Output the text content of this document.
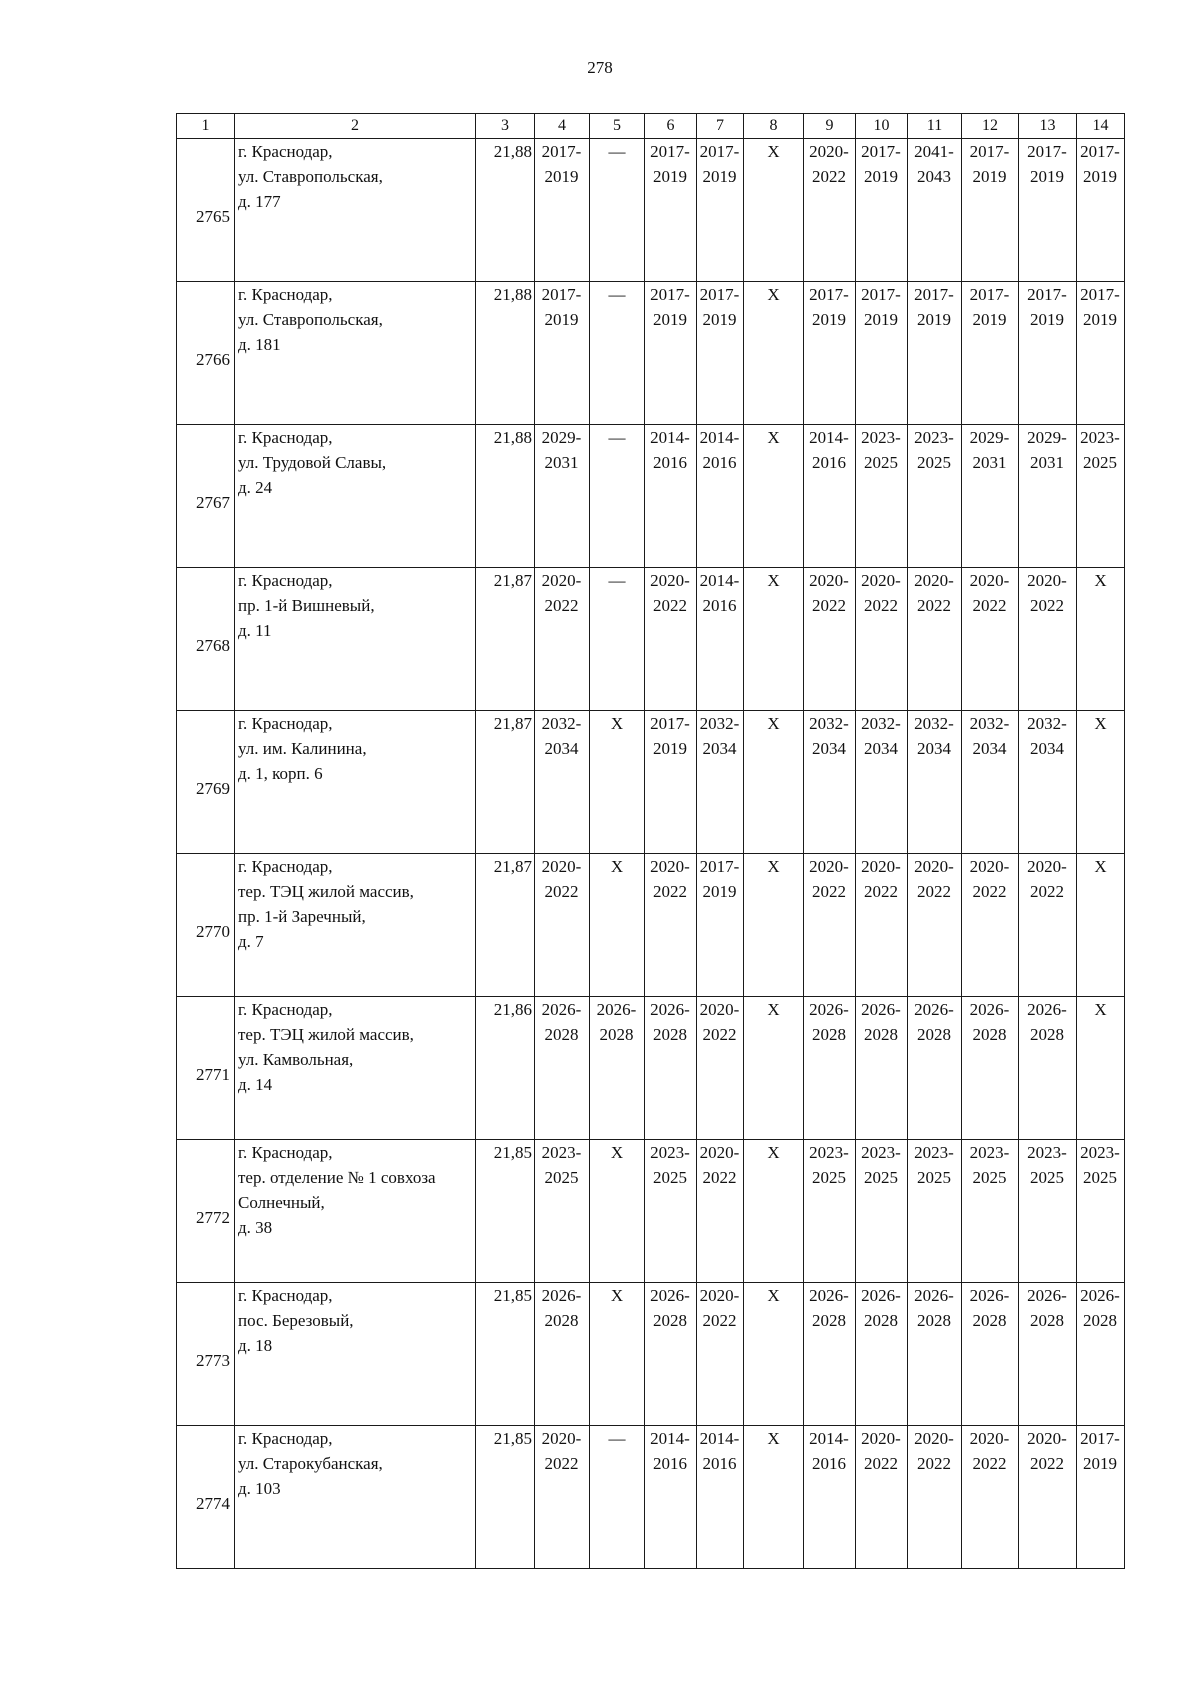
278
1	2	3	4	5	6	7	8	9	10	11	12	13	14
2765	г. Краснодар,
ул. Ставропольская,
д. 177	21,88	2017-
2019	—	2017-
2019	2017-
2019	X	2020-
2022	2017-
2019	2041-
2043	2017-
2019	2017-
2019	2017-
2019

2766	г. Краснодар,
ул. Ставропольская,
д. 181	21,88	2017-
2019	—	2017-
2019	2017-
2019	X	2017-
2019	2017-
2019	2017-
2019	2017-
2019	2017-
2019	2017-
2019

2767	г. Краснодар,
ул. Трудовой Славы,
д. 24	21,88	2029-
2031	—	2014-
2016	2014-
2016	X	2014-
2016	2023-
2025	2023-
2025	2029-
2031	2029-
2031	2023-
2025

2768	г. Краснодар,
пр. 1-й Вишневый,
д. 11	21,87	2020-
2022	—	2020-
2022	2014-
2016	X	2020-
2022	2020-
2022	2020-
2022	2020-
2022	2020-
2022	X
2769	г. Краснодар,
ул. им. Калинина,
д. 1, корп. 6	21,87	2032-
2034	X	2017-
2019	2032-
2034	X	2032-
2034	2032-
2034	2032-
2034	2032-
2034	2032-
2034	X
2770	г. Краснодар,
тер. ТЭЦ жилой массив,
пр. 1-й Заречный,
д. 7	21,87	2020-
2022	X	2020-
2022	2017-
2019	X	2020-
2022	2020-
2022	2020-
2022	2020-
2022	2020-
2022	X
2771	г. Краснодар,
тер. ТЭЦ жилой массив,
ул. Камвольная,
д. 14	21,86	2026-
2028	2026-
2028	2026-
2028	2020-
2022	X	2026-
2028	2026-
2028	2026-
2028	2026-
2028	2026-
2028	X
2772	г. Краснодар,
тер. отделение № 1 совхоза
Солнечный,
д. 38	21,85	2023-
2025	X	2023-
2025	2020-
2022	X	2023-
2025	2023-
2025	2023-
2025	2023-
2025	2023-
2025	2023-
2025

2773	г. Краснодар,
пос. Березовый,
д. 18	21,85	2026-
2028	X	2026-
2028	2020-
2022	X	2026-
2028	2026-
2028	2026-
2028	2026-
2028	2026-
2028	2026-
2028

2774	г. Краснодар,
ул. Старокубанская,
д. 103	21,85	2020-
2022	—	2014-
2016	2014-
2016	X	2014-
2016	2020-
2022	2020-
2022	2020-
2022	2020-
2022	2017-
2019
